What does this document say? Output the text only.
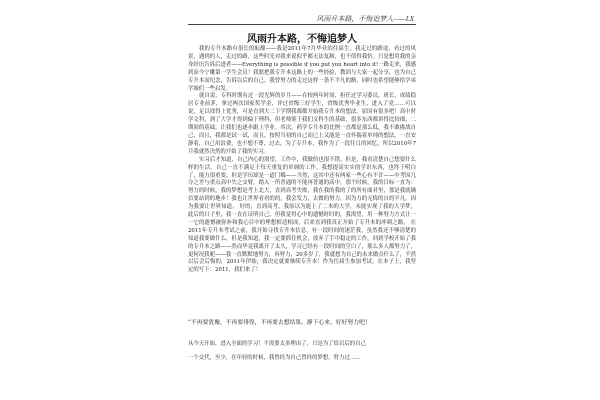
风雨升本路，不悔追梦人——LX
风雨升本路，不悔追梦人

我的专升本路有很长的酝酿——我是2011年7月毕业的往届生，我走过的路途，看过的风景，遇到的人，走过的路，这些时光对我来说似乎都无法复制，也不值得我仿。只是想用我的亲身经历告诉后进者——Everything is possible if you put you heart into it!一路走来，我感到而今宁雕第一学生会员！我愿把我专升本这路上的一些经验，教训与大家一起分享，也为自己专升本而纪念，告诉以后的自己，我曾努力的走过这样一条不平凡的路，同时也希望能够给学弟学妹们一些启发。

就自说，专科时期有过一段光辉的岁月——在校两年时间，担任过学习委员，班长，成绩稳居专业前茅，拿过两次国家奖学金，评过省级三好学生，省级优秀毕业生，进入了党……可以说，足以找得上优秀，可是直到大二下学期我都都开始我专升本的想法。原因有很多吧！高中时学文科，到了大学才得到偏于理科，但老师鉴于我们文科生的基础，很多东西都讲得比较细，二期间的基础，让我们也逐步跟上学业。其次，药学专升本的比例一直都是那么低，我不敢挑战自己，而且，我都是试一试，而且，按照当初的自己而已上又能是一直怀揣着单纯的想法，一直安静着，自己用浪费，也不想不尊，过去，为了专升本，我作为了一段往日的回忆，所以2010年7月我就然决然的开始了我的实习。

实习后才知道，自己内心的渴望，工作中，我做的也很不错，但是，我看清楚自己想要什么样的生活，自己一直不满足于每天重复的单调的工作，我想提高实实的学识东西，也终于明白了，能力很重要，但是学历却是一道门槛——当然，这其中还有两家一些心有不甘——中考因几分之差与重点高中失之交臂，踏入一所普通的不能再普通的高中，那个时候，我的目标一直为：努力的时候，我的梦想是考上北大，直到高考失败，我在我的我的了的所有面对里，那是我就确信要站到的地步！我也让世界看看的的，我会发力，去做的努力，因为力的无悔的自的平凡，因为我要让世界知道。 好的，直到高考，我原以为能上了二本的大学，未能实现了我的大学梦，此后的日子里，我一直在证明自己，但我觉得心中的遗憾时时的，我渴望，用一种努力方式让一一它的遗憾被弥补和我心目中的理想相适相成，后来直到我真正开始了专升本的冲刺之路。 在2011年专升本考试之前，我开始寻找专升本信息，有一段时间的迷茫我，虽然我还不够清楚的知道我要做什么，但是我知道，我一定要抓住机会，放弃了手中稳定的工作，回到学校开始了我的专升本之路——然而毕竟我离开了太久，学习已经有一段时间的空白了，那么多人都努力了，更何况我呢——我一直默默地努力，再努力，20多岁了，我就想为自己的未来做点什么了，不然以后会后悔的，2011年伊始，我决定就要继续专升本！作为往届生参加考试，在本子上，我坚定的写下：2011，我们来了！

“不再要犹豫，不再要徘徨，不再要去想结果，静下心来，好好努力吧！

从今天开始，进入全面的学习！不需要太多理由了，只是为了给以后的自己

一个交代，至少，在年轻的时候，我曾经为自己曾经的梦想，努力过……
